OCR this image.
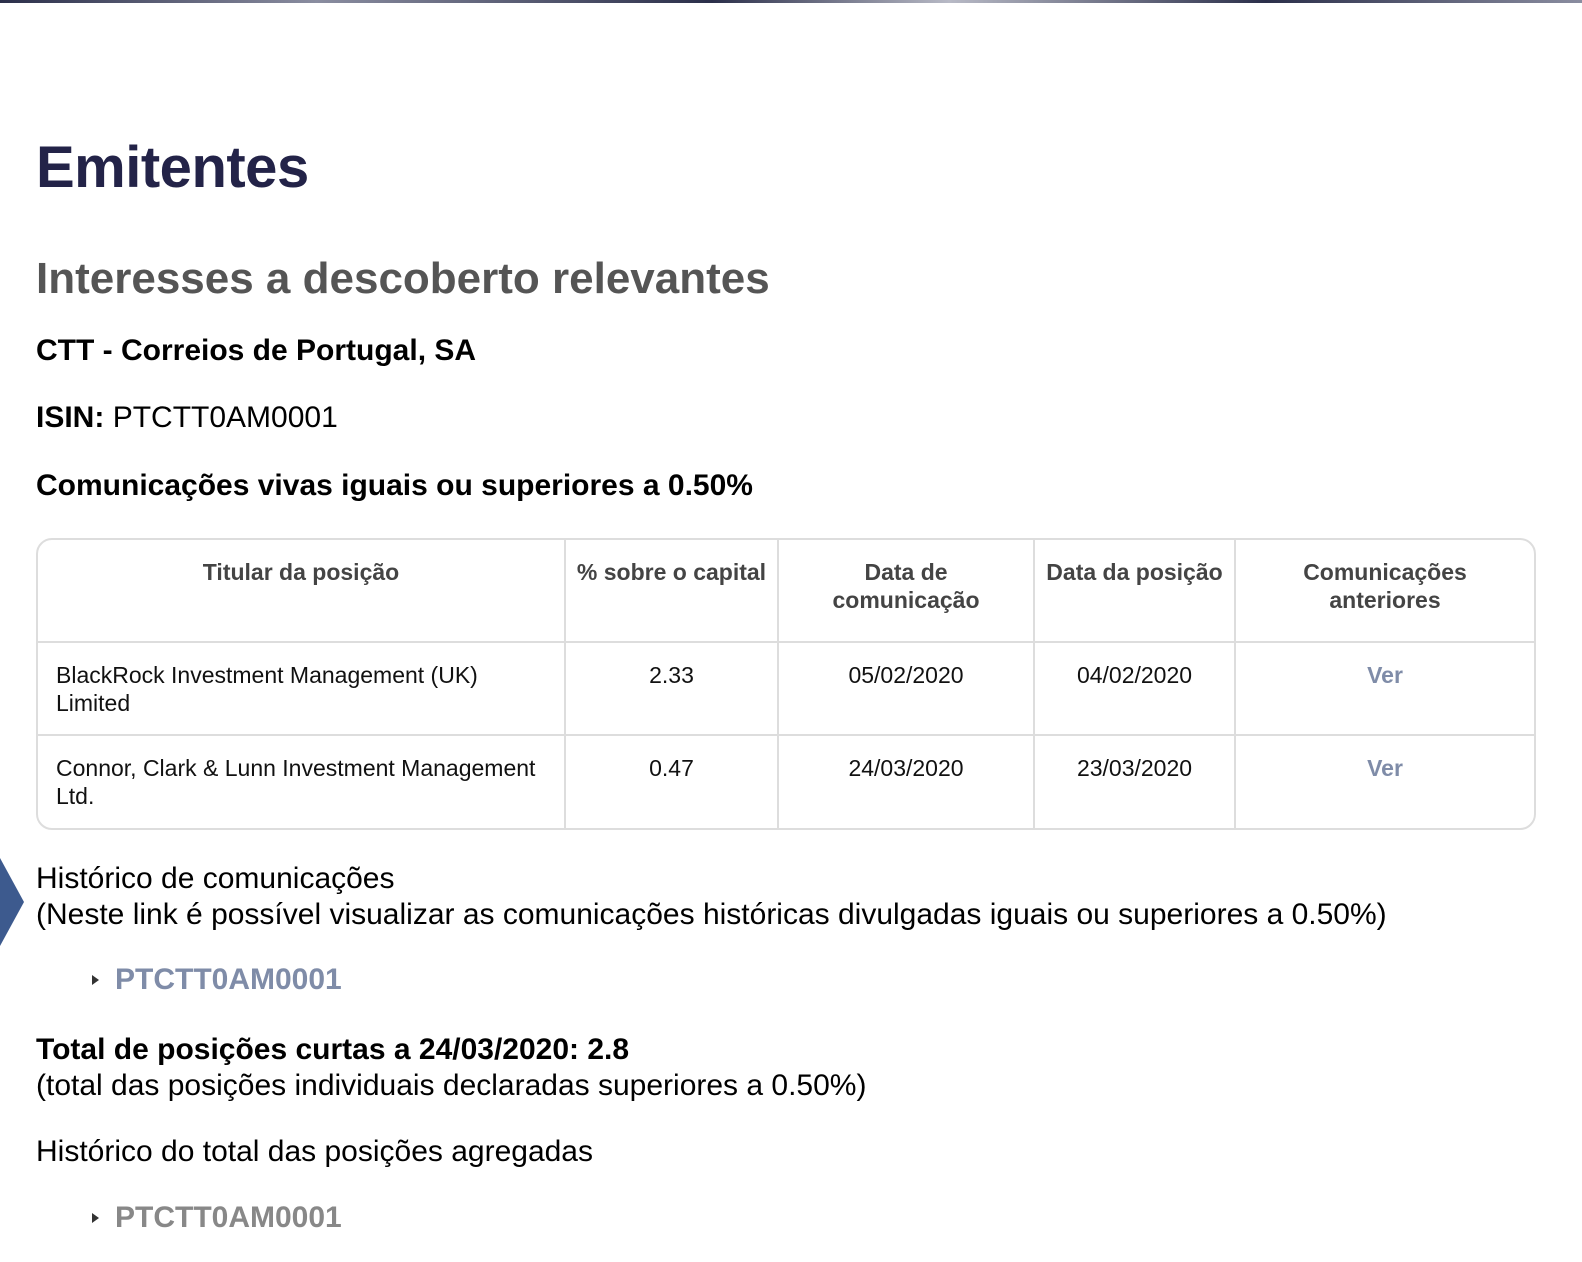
Emitentes
Interesses a descoberto relevantes
CTT - Correios de Portugal, SA
ISIN: PTCTT0AM0001
Comunicações vivas iguais ou superiores a 0.50%
Titular da posição	% sobre o capital	Data de comunicação	Data da posição	Comunicações anteriores
BlackRock Investment Management (UK) Limited	2.33	05/02/2020	04/02/2020	Ver
Connor, Clark & Lunn Investment Management Ltd.	0.47	24/03/2020	23/03/2020	Ver
Histórico de comunicações
(Neste link é possível visualizar as comunicações históricas divulgadas iguais ou superiores a 0.50%)
PTCTT0AM0001
Total de posições curtas a 24/03/2020: 2.8
(total das posições individuais declaradas superiores a 0.50%)
Histórico do total das posições agregadas
PTCTT0AM0001
